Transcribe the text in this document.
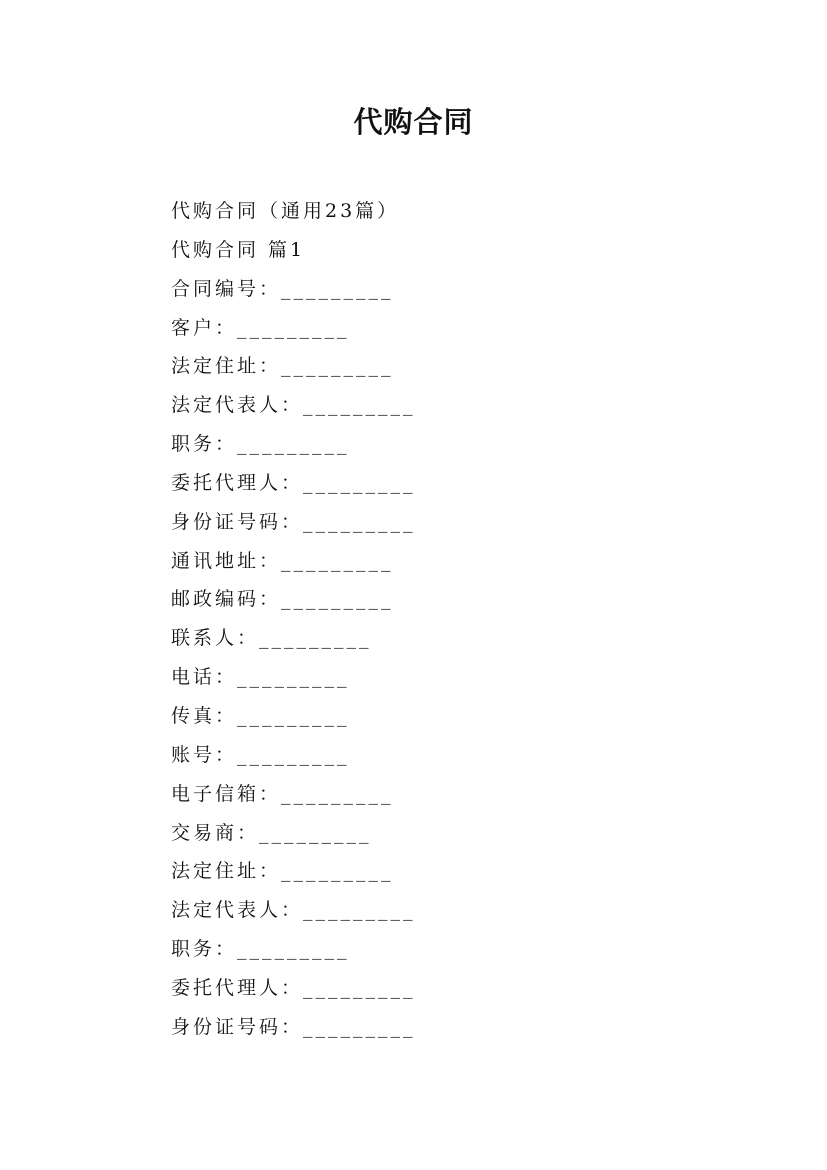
代购合同
代购合同（通用23篇）
代购合同 篇1
合同编号：_________
客户：_________
法定住址：_________
法定代表人：_________
职务：_________
委托代理人：_________
身份证号码：_________
通讯地址：_________
邮政编码：_________
联系人：_________
电话：_________
传真：_________
账号：_________
电子信箱：_________
交易商：_________
法定住址：_________
法定代表人：_________
职务：_________
委托代理人：_________
身份证号码：_________
